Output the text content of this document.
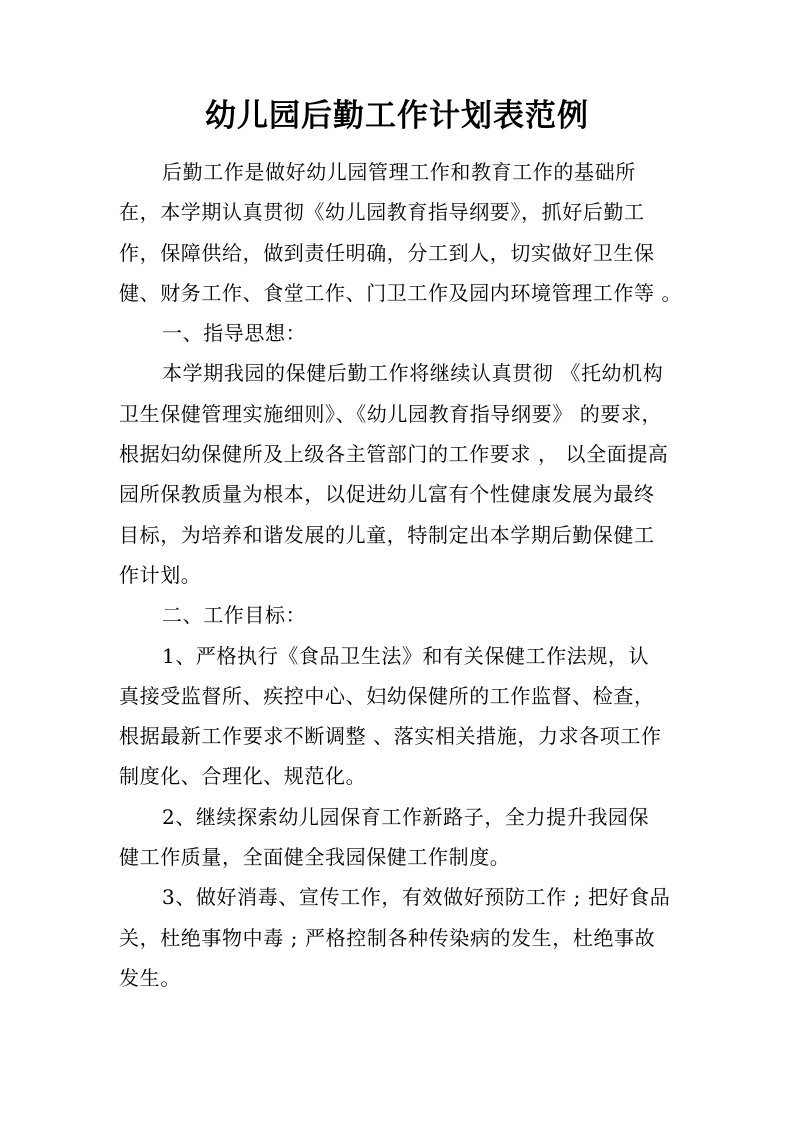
幼儿园后勤工作计划表范例
后勤工作是做好幼儿园管理工作和教育工作的基础所
在，本学期认真贯彻《幼儿园教育指导纲要》，抓好后勤工
作，保障供给，做到责任明确，分工到人，切实做好卫生保
健、财务工作、食堂工作、门卫工作及园内环境管理工作等 。
一、指导思想：
本学期我园的保健后勤工作将继续认真贯彻 《托幼机构
卫生保健管理实施细则》、《幼儿园教育指导纲要》 的要求，
根据妇幼保健所及上级各主管部门的工作要求 ， 以全面提高
园所保教质量为根本，以促进幼儿富有个性健康发展为最终
目标，为培养和谐发展的儿童，特制定出本学期后勤保健工
作计划。
二、工作目标：
1、严格执行《食品卫生法》和有关保健工作法规，认
真接受监督所、疾控中心、妇幼保健所的工作监督、检查，
根据最新工作要求不断调整 、落实相关措施，力求各项工作
制度化、合理化、规范化。
2、继续探索幼儿园保育工作新路子，全力提升我园保
健工作质量，全面健全我园保健工作制度。
3、做好消毒、宣传工作，有效做好预防工作 ; 把好食品
关，杜绝事物中毒 ; 严格控制各种传染病的发生，杜绝事故
发生。
